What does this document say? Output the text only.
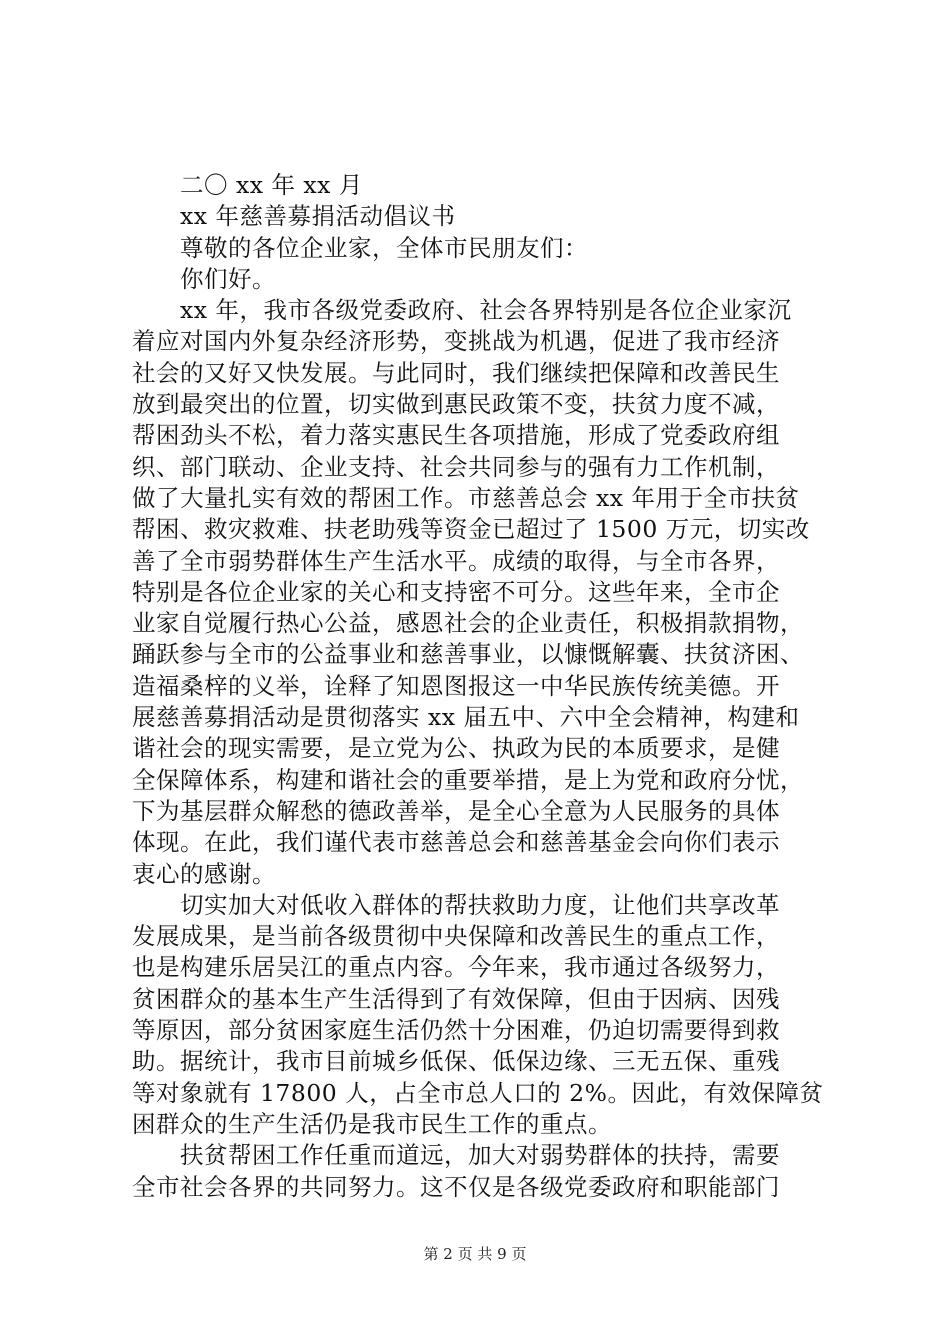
二〇 xx 年 xx 月
xx 年慈善募捐活动倡议书
尊敬的各位企业家，全体市民朋友们：
你们好。
xx 年，我市各级党委政府、社会各界特别是各位企业家沉
着应对国内外复杂经济形势，变挑战为机遇，促进了我市经济
社会的又好又快发展。与此同时，我们继续把保障和改善民生
放到最突出的位置，切实做到惠民政策不变，扶贫力度不减，
帮困劲头不松，着力落实惠民生各项措施，形成了党委政府组
织、部门联动、企业支持、社会共同参与的强有力工作机制，
做了大量扎实有效的帮困工作。市慈善总会 xx 年用于全市扶贫
帮困、救灾救难、扶老助残等资金已超过了 1500 万元，切实改
善了全市弱势群体生产生活水平。成绩的取得，与全市各界，
特别是各位企业家的关心和支持密不可分。这些年来，全市企
业家自觉履行热心公益，感恩社会的企业责任，积极捐款捐物，
踊跃参与全市的公益事业和慈善事业，以慷慨解囊、扶贫济困、
造福桑梓的义举，诠释了知恩图报这一中华民族传统美德。开
展慈善募捐活动是贯彻落实 xx 届五中、六中全会精神，构建和
谐社会的现实需要，是立党为公、执政为民的本质要求，是健
全保障体系，构建和谐社会的重要举措，是上为党和政府分忧，
下为基层群众解愁的德政善举，是全心全意为人民服务的具体
体现。在此，我们谨代表市慈善总会和慈善基金会向你们表示
衷心的感谢。
切实加大对低收入群体的帮扶救助力度，让他们共享改革
发展成果，是当前各级贯彻中央保障和改善民生的重点工作，
也是构建乐居吴江的重点内容。今年来，我市通过各级努力，
贫困群众的基本生产生活得到了有效保障，但由于因病、因残
等原因，部分贫困家庭生活仍然十分困难，仍迫切需要得到救
助。据统计，我市目前城乡低保、低保边缘、三无五保、重残
等对象就有 17800 人，占全市总人口的 2%。因此，有效保障贫
困群众的生产生活仍是我市民生工作的重点。
扶贫帮困工作任重而道远，加大对弱势群体的扶持，需要
全市社会各界的共同努力。这不仅是各级党委政府和职能部门
第 2 页 共 9 页
